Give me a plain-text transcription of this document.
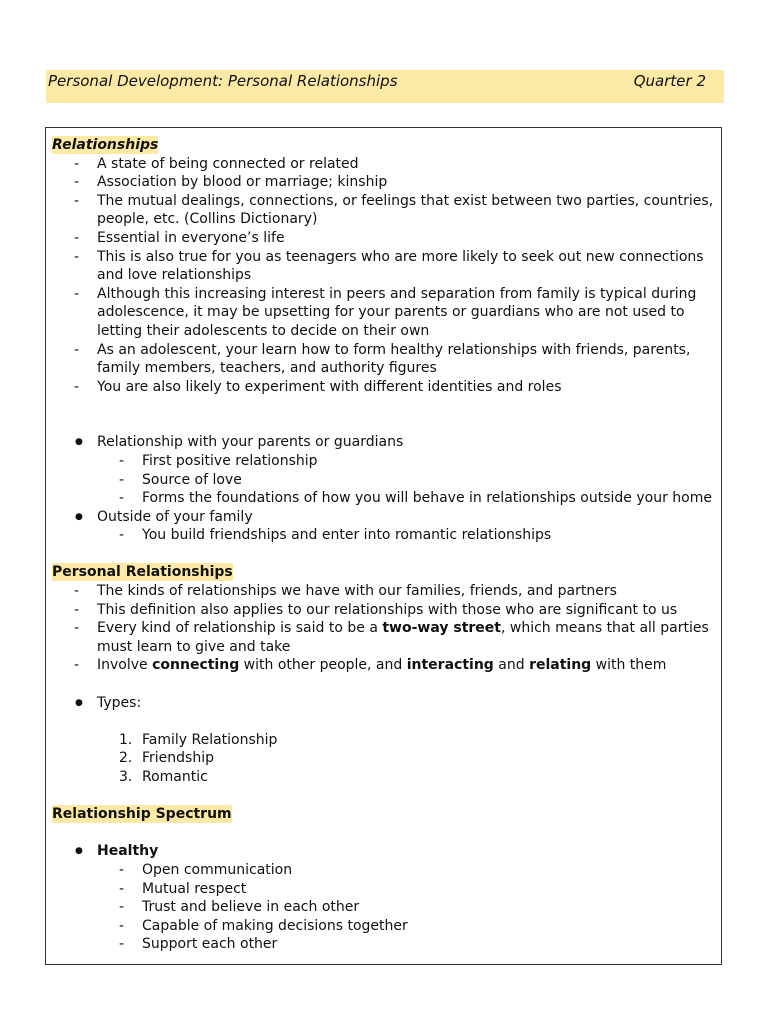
Personal Development: Personal Relationships	Quarter 2
Relationships
- A state of being connected or related
- Association by blood or marriage; kinship
- The mutual dealings, connections, or feelings that exist between two parties, countries, people, etc. (Collins Dictionary)
- Essential in everyone’s life
- This is also true for you as teenagers who are more likely to seek out new connections and love relationships
- Although this increasing interest in peers and separation from family is typical during adolescence, it may be upsetting for your parents or guardians who are not used to letting their adolescents to decide on their own
- As an adolescent, your learn how to form healthy relationships with friends, parents, family members, teachers, and authority figures
- You are also likely to experiment with different identities and roles
● Relationship with your parents or guardians
- First positive relationship
- Source of love
- Forms the foundations of how you will behave in relationships outside your home
● Outside of your family
- You build friendships and enter into romantic relationships
Personal Relationships
- The kinds of relationships we have with our families, friends, and partners
- This definition also applies to our relationships with those who are significant to us
- Every kind of relationship is said to be a two-way street, which means that all parties must learn to give and take
- Involve connecting with other people, and interacting and relating with them
● Types:
1. Family Relationship
2. Friendship
3. Romantic
Relationship Spectrum
● Healthy
- Open communication
- Mutual respect
- Trust and believe in each other
- Capable of making decisions together
- Support each other
